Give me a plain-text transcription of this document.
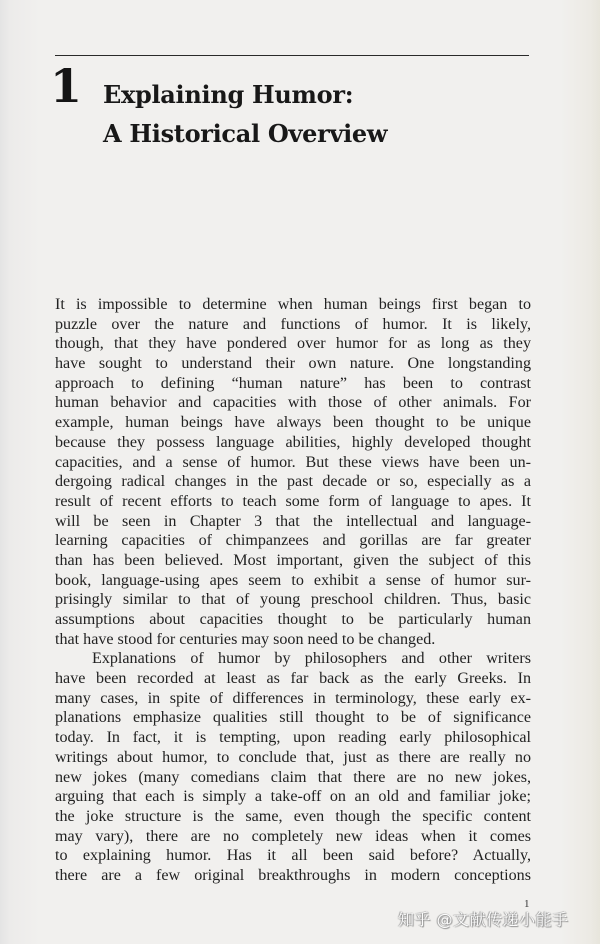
1 Explaining Humor:
A Historical Overview
It is impossible to determine when human beings first began to
puzzle over the nature and functions of humor. It is likely,
though, that they have pondered over humor for as long as they
have sought to understand their own nature. One longstanding
approach to defining “human nature” has been to contrast
human behavior and capacities with those of other animals. For
example, human beings have always been thought to be unique
because they possess language abilities, highly developed thought
capacities, and a sense of humor. But these views have been un-
dergoing radical changes in the past decade or so, especially as a
result of recent efforts to teach some form of language to apes. It
will be seen in Chapter 3 that the intellectual and language-
learning capacities of chimpanzees and gorillas are far greater
than has been believed. Most important, given the subject of this
book, language-using apes seem to exhibit a sense of humor sur-
prisingly similar to that of young preschool children. Thus, basic
assumptions about capacities thought to be particularly human
that have stood for centuries may soon need to be changed.
Explanations of humor by philosophers and other writers
have been recorded at least as far back as the early Greeks. In
many cases, in spite of differences in terminology, these early ex-
planations emphasize qualities still thought to be of significance
today. In fact, it is tempting, upon reading early philosophical
writings about humor, to conclude that, just as there are really no
new jokes (many comedians claim that there are no new jokes,
arguing that each is simply a take-off on an old and familiar joke;
the joke structure is the same, even though the specific content
may vary), there are no completely new ideas when it comes
to explaining humor. Has it all been said before? Actually,
there are a few original breakthroughs in modern conceptions
1
知乎 @文献传递小能手
